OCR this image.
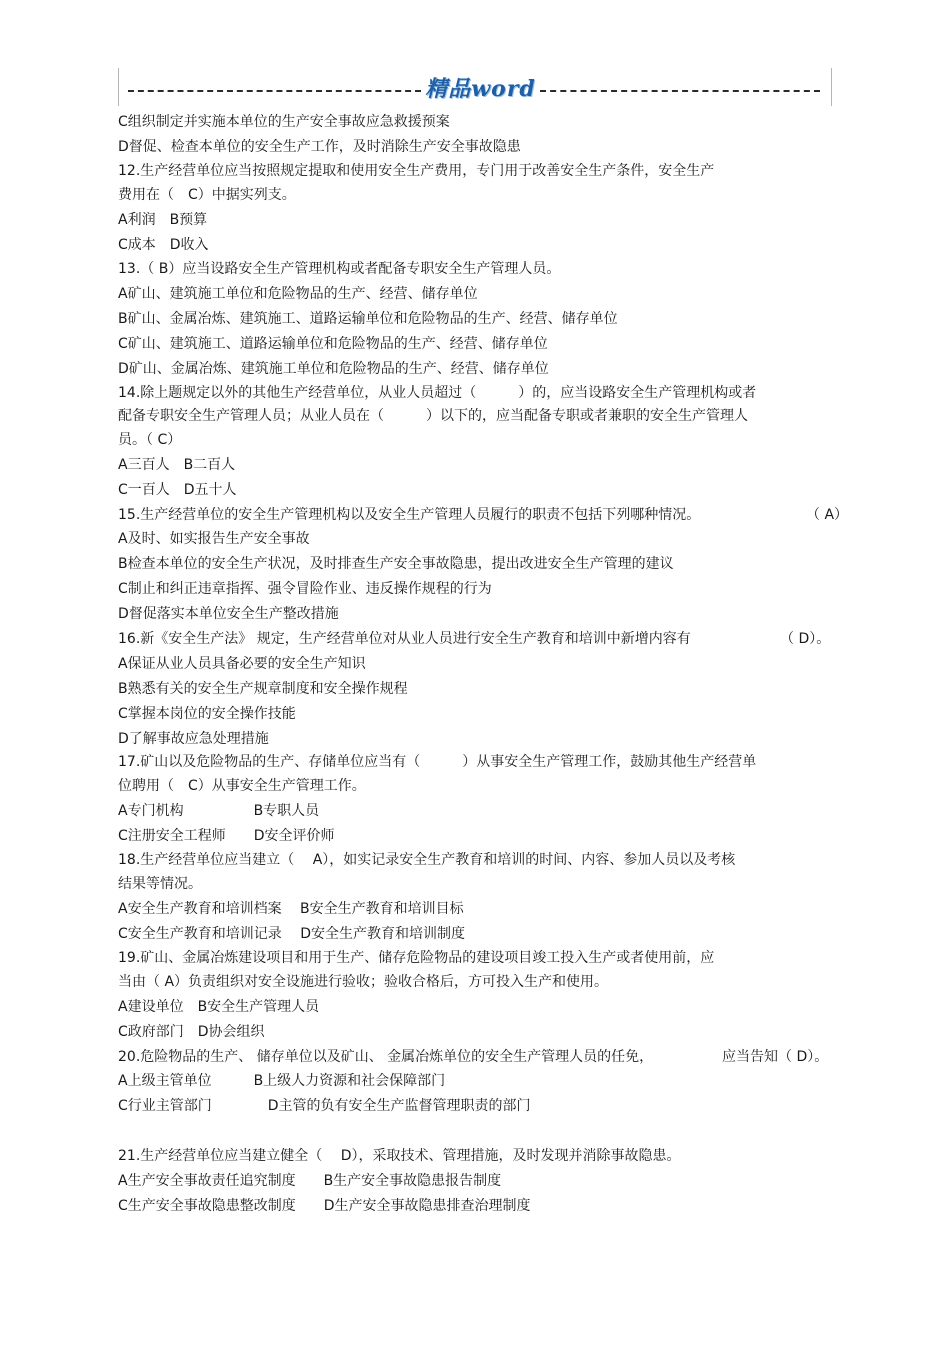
精品word
C组织制定并实施本单位的生产安全事故应急救援预案
D督促、检查本单位的安全生产工作，及时消除生产安全事故隐患
12.生产经营单位应当按照规定提取和使用安全生产费用，专门用于改善安全生产条件，安全生产
费用在（　C）中据实列支。
A利润　B预算
C成本　D收入
13.（ B）应当设路安全生产管理机构或者配备专职安全生产管理人员。
A矿山、建筑施工单位和危险物品的生产、经营、储存单位
B矿山、金属冶炼、建筑施工、道路运输单位和危险物品的生产、经营、储存单位
C矿山、建筑施工、道路运输单位和危险物品的生产、经营、储存单位
D矿山、金属冶炼、建筑施工单位和危险物品的生产、经营、储存单位
14.除上题规定以外的其他生产经营单位，从业人员超过（　　　）的，应当设路安全生产管理机构或者
配备专职安全生产管理人员；从业人员在（　　　）以下的，应当配备专职或者兼职的安全生产管理人
员。（ C）
A三百人　B二百人
C一百人　D五十人
15.生产经营单位的安全生产管理机构以及安全生产管理人员履行的职责不包括下列哪种情况。	（ A）
A及时、如实报告生产安全事故
B检查本单位的安全生产状况，及时排查生产安全事故隐患，提出改进安全生产管理的建议
C制止和纠正违章指挥、强令冒险作业、违反操作规程的行为
D督促落实本单位安全生产整改措施
16.新《安全生产法》 规定，生产经营单位对从业人员进行安全生产教育和培训中新增内容有	（ D）。
A保证从业人员具备必要的安全生产知识
B熟悉有关的安全生产规章制度和安全操作规程
C掌握本岗位的安全操作技能
D了解事故应急处理措施
17.矿山以及危险物品的生产、存储单位应当有（　　　）从事安全生产管理工作，鼓励其他生产经营单
位聘用（　C）从事安全生产管理工作。
A专门机构　　　　　B专职人员
C注册安全工程师　　D安全评价师
18.生产经营单位应当建立（　 A），如实记录安全生产教育和培训的时间、内容、参加人员以及考核
结果等情况。
A安全生产教育和培训档案　 B安全生产教育和培训目标
C安全生产教育和培训记录　 D安全生产教育和培训制度
19.矿山、金属冶炼建设项目和用于生产、储存危险物品的建设项目竣工投入生产或者使用前，应
当由（ A）负责组织对安全设施进行验收；验收合格后，方可投入生产和使用。
A建设单位　B安全生产管理人员
C政府部门　D协会组织
20.危险物品的生产、 储存单位以及矿山、 金属冶炼单位的安全生产管理人员的任免，	应当告知（ D）。
A上级主管单位　　　B上级人力资源和社会保障部门
C行业主管部门　　　　D主管的负有安全生产监督管理职责的部门
21.生产经营单位应当建立健全（　 D），采取技术、管理措施，及时发现并消除事故隐患。
A生产安全事故责任追究制度　　B生产安全事故隐患报告制度
C生产安全事故隐患整改制度　　D生产安全事故隐患排查治理制度
